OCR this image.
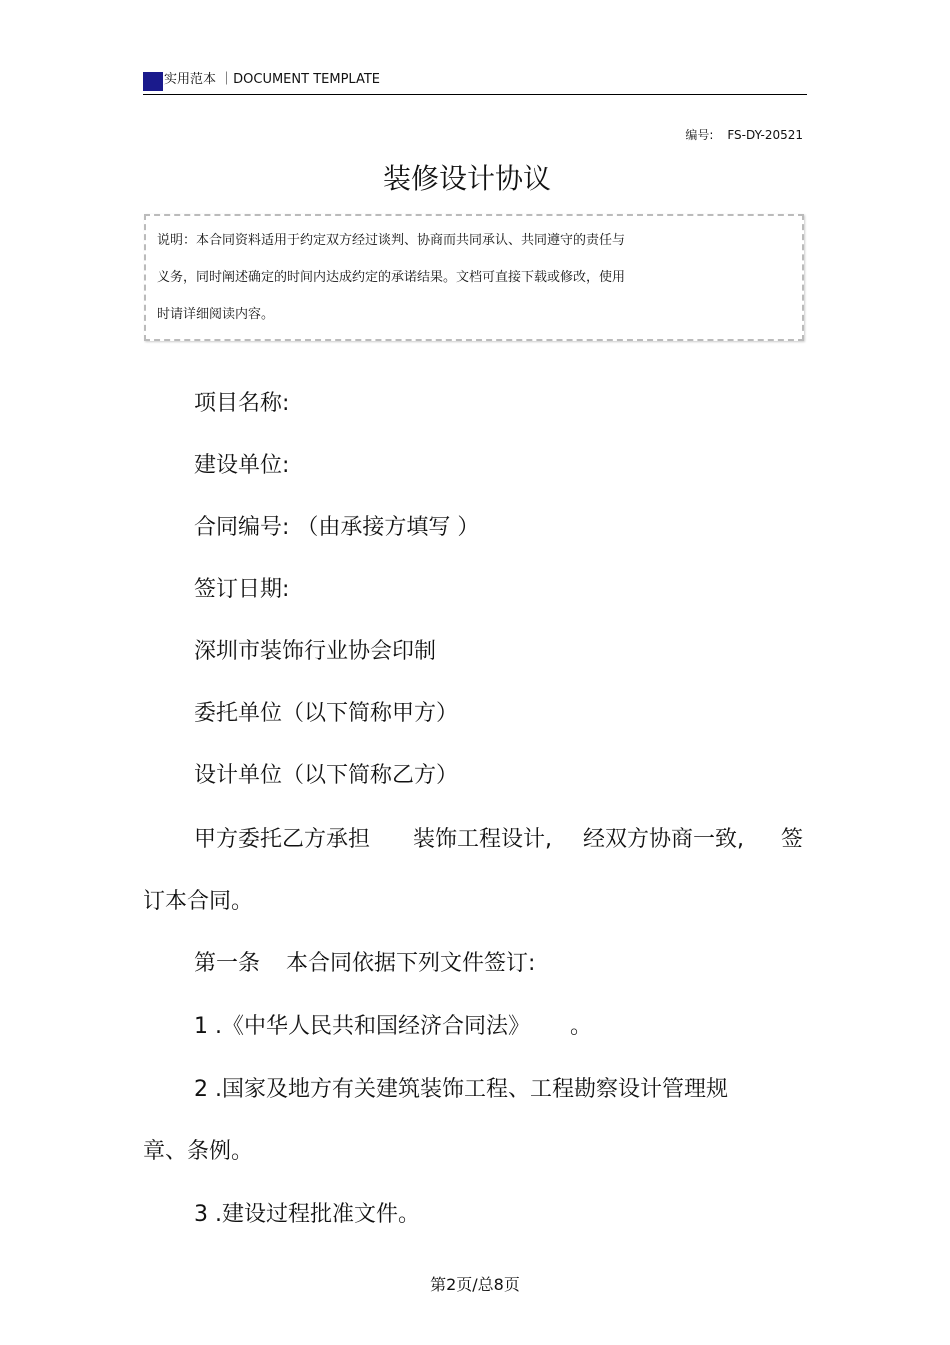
实用范本 ｜DOCUMENT TEMPLATE
编号: FS-DY-20521
装修设计协议
说明：本合同资料适用于约定双方经过谈判、协商而共同承认、共同遵守的责任与
义务，同时阐述确定的时间内达成约定的承诺结果。文档可直接下载或修改，使用
时请详细阅读内容。
项目名称:
建设单位:
合同编号: （由承接方填写 ）
签订日期:
深圳市装饰行业协会印制
委托单位（以下简称甲方）
设计单位（以下简称乙方）
甲方委托乙方承担 装饰工程设计, 经双方协商一致, 签
订本合同。
第一条 本合同依据下列文件签订:
1 .《中华人民共和国经济合同法》 。
2 .国家及地方有关建筑装饰工程、工程勘察设计管理规
章、条例。
3 .建设过程批准文件。
第2页/总8页
